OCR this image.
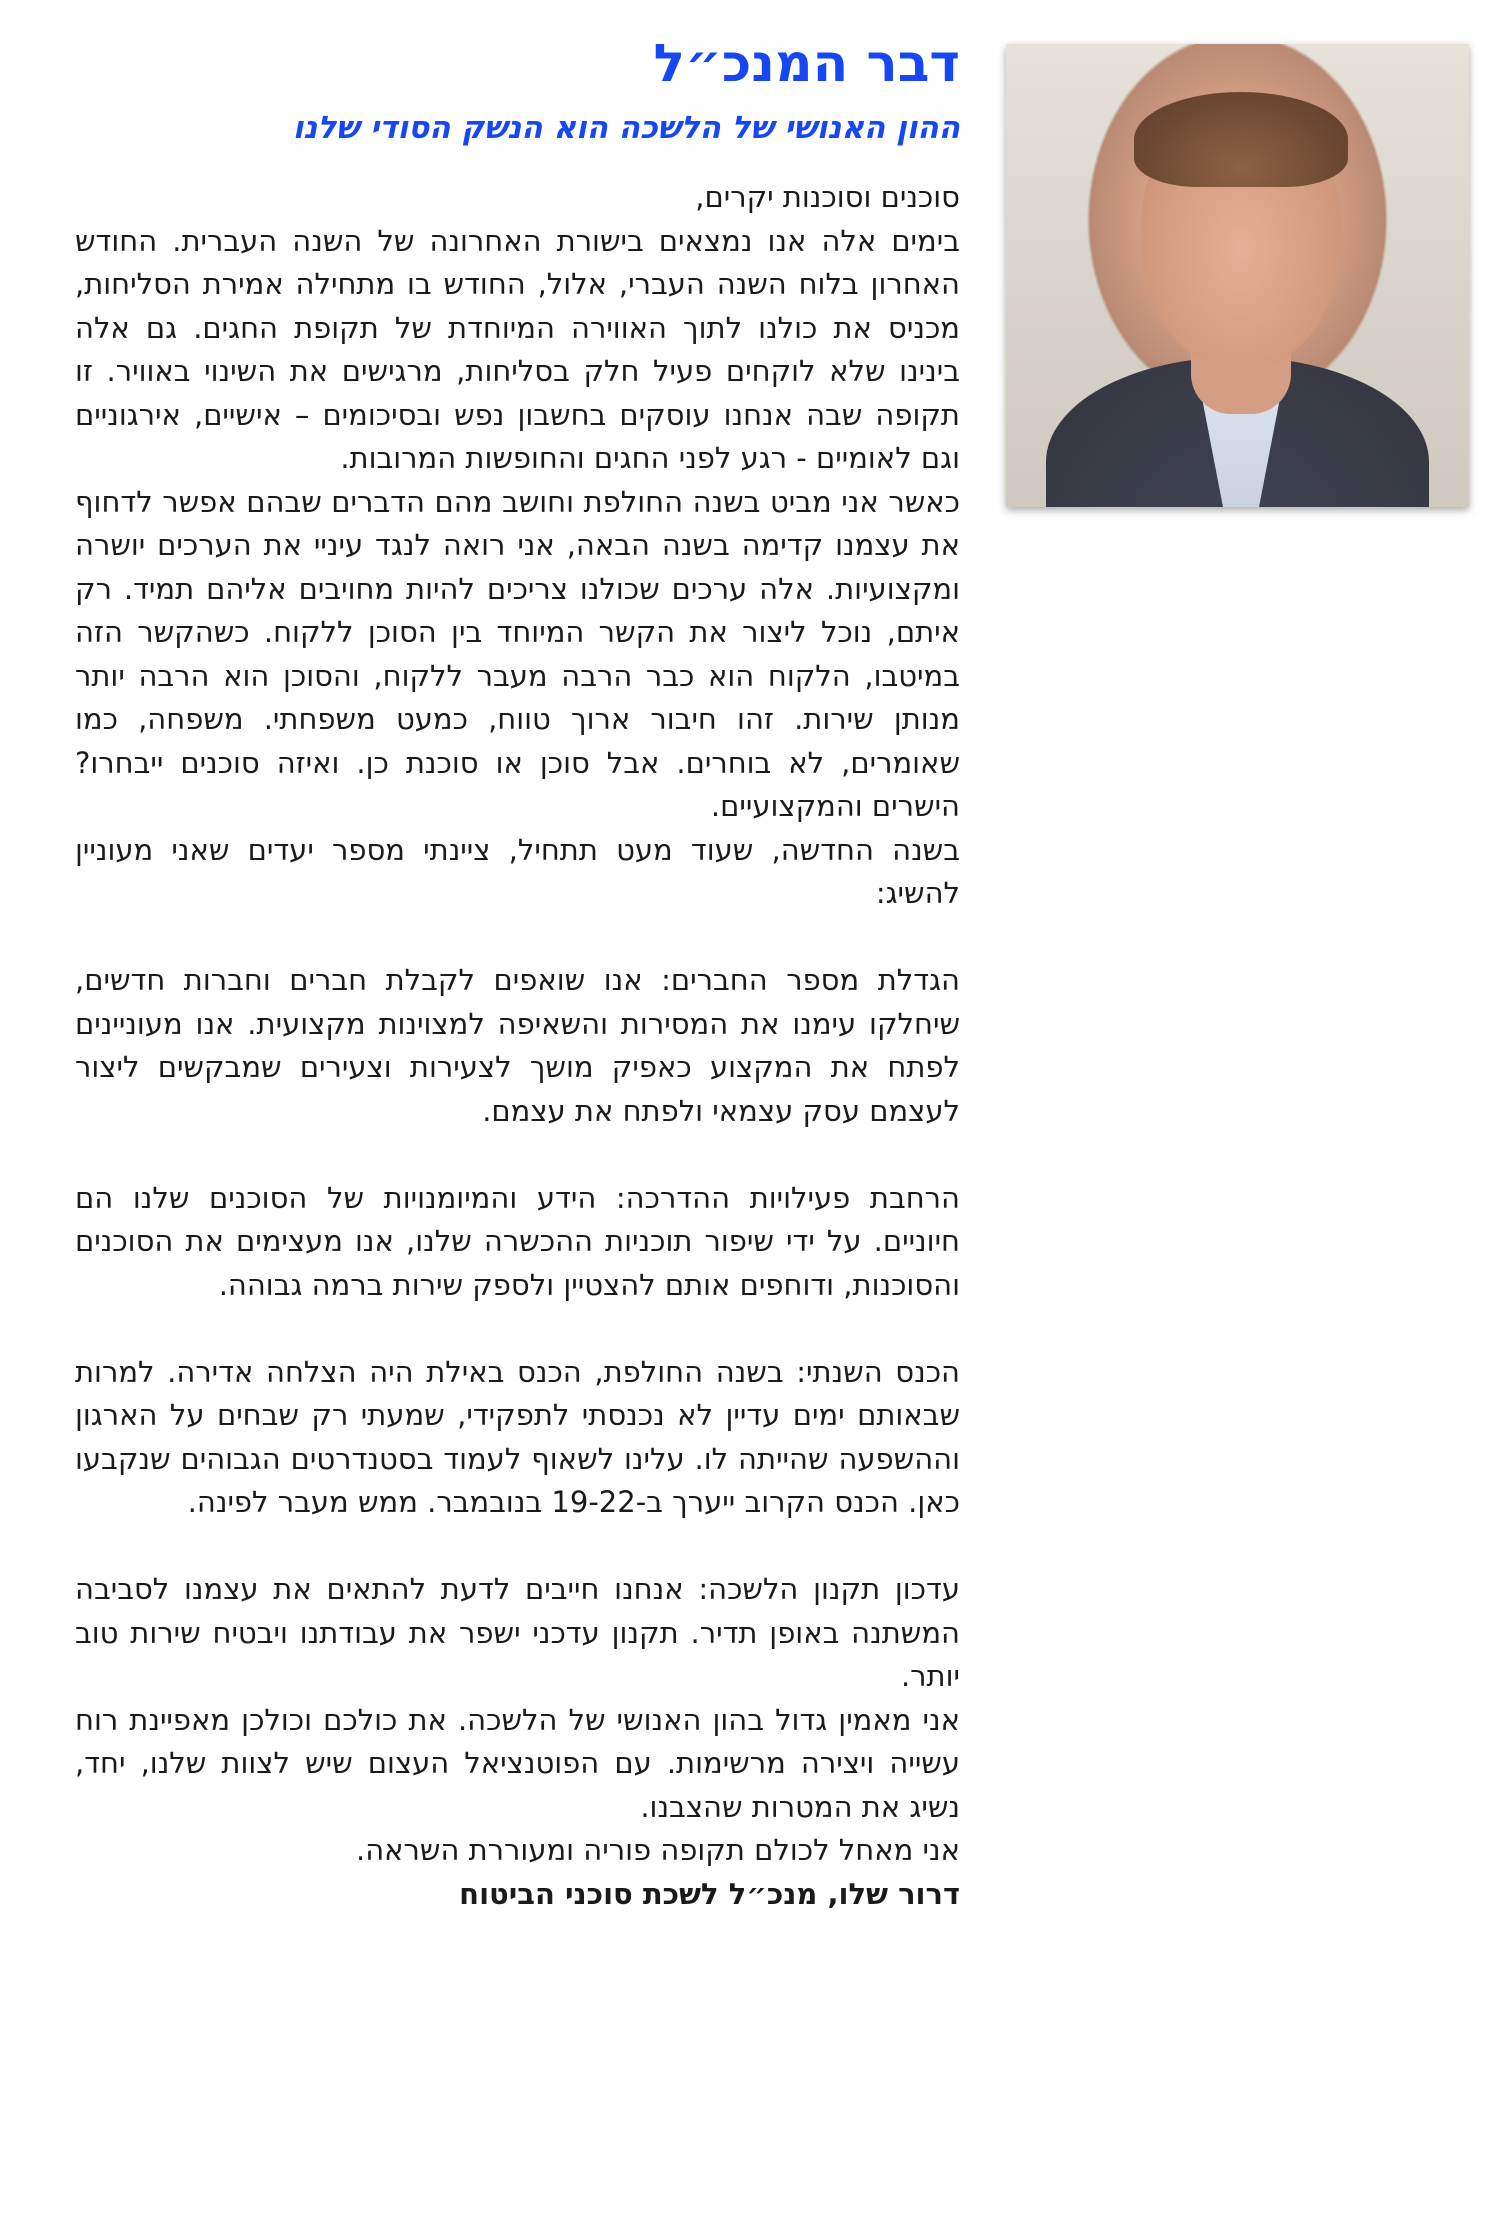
דבר המנכ״ל
ההון האנושי של הלשכה הוא הנשק הסודי שלנו

סוכנים וסוכנות יקרים,

בימים אלה אנו נמצאים בישורת האחרונה של השנה העברית. החודש האחרון בלוח השנה העברי, אלול, החודש בו מתחילה אמירת הסליחות, מכניס את כולנו לתוך האווירה המיוחדת של תקופת החגים. גם אלה בינינו שלא לוקחים פעיל חלק בסליחות, מרגישים את השינוי באוויר. זו תקופה שבה אנחנו עוסקים בחשבון נפש ובסיכומים – אישיים, אירגוניים וגם לאומיים - רגע לפני החגים והחופשות המרובות.

כאשר אני מביט בשנה החולפת וחושב מהם הדברים שבהם אפשר לדחוף את עצמנו קדימה בשנה הבאה, אני רואה לנגד עיניי את הערכים יושרה ומקצועיות. אלה ערכים שכולנו צריכים להיות מחויבים אליהם תמיד. רק איתם, נוכל ליצור את הקשר המיוחד בין הסוכן ללקוח. כשהקשר הזה במיטבו, הלקוח הוא כבר הרבה מעבר ללקוח, והסוכן הוא הרבה יותר מנותן שירות. זהו חיבור ארוך טווח, כמעט משפחתי. משפחה, כמו שאומרים, לא בוחרים. אבל סוכן או סוכנת כן. ואיזה סוכנים ייבחרו? הישרים והמקצועיים.

בשנה החדשה, שעוד מעט תתחיל, ציינתי מספר יעדים שאני מעוניין להשיג:

הגדלת מספר החברים: אנו שואפים לקבלת חברים וחברות חדשים, שיחלקו עימנו את המסירות והשאיפה למצוינות מקצועית. אנו מעוניינים לפתח את המקצוע כאפיק מושך לצעירות וצעירים שמבקשים ליצור לעצמם עסק עצמאי ולפתח את עצמם.

הרחבת פעילויות ההדרכה: הידע והמיומנויות של הסוכנים שלנו הם חיוניים. על ידי שיפור תוכניות ההכשרה שלנו, אנו מעצימים את הסוכנים והסוכנות, ודוחפים אותם להצטיין ולספק שירות ברמה גבוהה.

הכנס השנתי: בשנה החולפת, הכנס באילת היה הצלחה אדירה. למרות שבאותם ימים עדיין לא נכנסתי לתפקידי, שמעתי רק שבחים על הארגון וההשפעה שהייתה לו. עלינו לשאוף לעמוד בסטנדרטים הגבוהים שנקבעו כאן. הכנס הקרוב ייערך ב-19-22 בנובמבר. ממש מעבר לפינה.

עדכון תקנון הלשכה: אנחנו חייבים לדעת להתאים את עצמנו לסביבה המשתנה באופן תדיר. תקנון עדכני ישפר את עבודתנו ויבטיח שירות טוב יותר.

אני מאמין גדול בהון האנושי של הלשכה. את כולכם וכולכן מאפיינת רוח עשייה ויצירה מרשימות. עם הפוטנציאל העצום שיש לצוות שלנו, יחד, נשיג את המטרות שהצבנו.

אני מאחל לכולם תקופה פוריה ומעוררת השראה.

דרור שלו, מנכ״ל לשכת סוכני הביטוח
